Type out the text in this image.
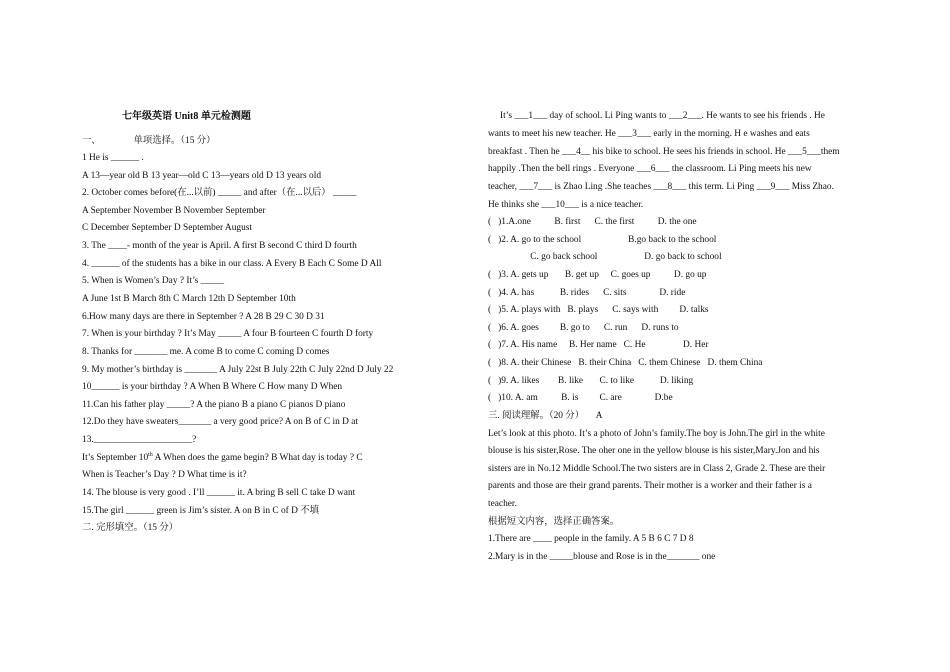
七年级英语 Unit8 单元检测题
一、	单项选择。（15 分）
1 He is ______ .
A 13—year old B 13 year—old C 13—years old D 13 years old
2. October comes before(在...以前) _____ and after（在...以后） _____
A September November B November September
C December September D September August
3. The ____- month of the year is April. A first B second C third D fourth
4. ______ of the students has a bike in our class. A Every B Each C Some D All
5. When is Women’s Day ? It’s _____
A June 1st B March 8th C March 12th D September 10th
6.How many days are there in September ? A 28 B 29 C 30 D 31
7. When is your birthday ? It’s May _____ A four B fourteen C fourth D forty
8. Thanks for _______ me. A come B to come C coming D comes
9. My mother’s birthday is _______ A July 22st B July 22th C July 22nd D July 22
10______ is your birthday ? A When B Where C How many D When
11.Can his father play _____? A the piano B a piano C pianos D piano
12.Do they have sweaters_______ a very good price? A on B of C in D at
13._____________________?
It’s September 10th A When does the game begin? B What day is today ? C
When is Teacher’s Day ? D What time is it?
14. The blouse is very good . I’ll ______ it. A bring B sell C take D want
15.The girl ______ green is Jim’s sister. A on B in C of D 不填
二. 完形填空。（15 分）
It’s ___1___ day of school. Li Ping wants to ___2___. He wants to see his friends . He
wants to meet his new teacher. He ___3___ early in the morning. H e washes and eats
breakfast . Then he ___4__ his bike to school. He sees his friends in school. He ___5___them
happily .Then the bell rings . Everyone ___6___ the classroom. Li Ping meets his new
teacher, ___7___ is Zhao Ling .She teaches ___8___ this term. Li Ping ___9___ Miss Zhao.
He thinks she ___10___ is a nice teacher.
(   )1.A.one          B. first      C. the first          D. the one
(   )2. A. go to the school                    B.go back to the school
C. go back school                    D. go back to school
(   )3. A. gets up       B. get up     C. goes up          D. go up
(   )4. A. has           B. rides      C. sits              D. ride
(   )5. A. plays with   B. plays      C. says with         D. talks
(   )6. A. goes         B. go to      C. run      D. runs to
(   )7. A. His name     B. Her name   C. He                D. Her
(   )8. A. their Chinese   B. their China   C. them Chinese   D. them China
(   )9. A. likes        B. like       C. to like           D. liking
(   )10. A. am          B. is         C. are              D.be
三. 阅读理解。（20 分）     A
Let’s look at this photo. It’s a photo of John’s family.The boy is John.The girl in the white
blouse is his sister,Rose. The oher one in the yellow blouse is his sister,Mary.Jon and his
sisters are in No.12 Middle School.The two sisters are in Class 2, Grade 2. These are their
parents and those are their grand parents. Their mother is a worker and their father is a
teacher.
根据短文内容，选择正确答案。
1.There are ____ people in the family. A 5 B 6 C 7 D 8
2.Mary is in the _____blouse and Rose is in the_______ one
